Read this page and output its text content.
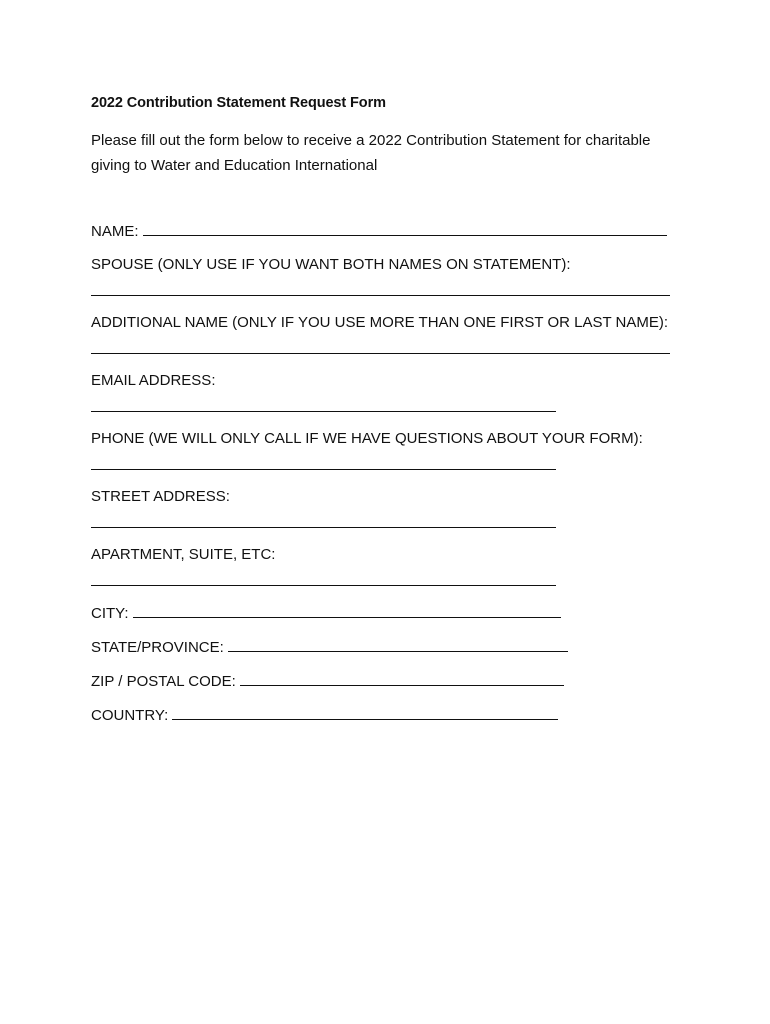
2022 Contribution Statement Request Form
Please fill out the form below to receive a 2022 Contribution Statement for charitable giving to Water and Education International
NAME:
SPOUSE (ONLY USE IF YOU WANT BOTH NAMES ON STATEMENT):
ADDITIONAL NAME (ONLY IF YOU USE MORE THAN ONE FIRST OR LAST NAME):
EMAIL ADDRESS:
PHONE (WE WILL ONLY CALL IF WE HAVE QUESTIONS ABOUT YOUR FORM):
STREET ADDRESS:
APARTMENT, SUITE, ETC:
CITY:
STATE/PROVINCE:
ZIP / POSTAL CODE:
COUNTRY:
